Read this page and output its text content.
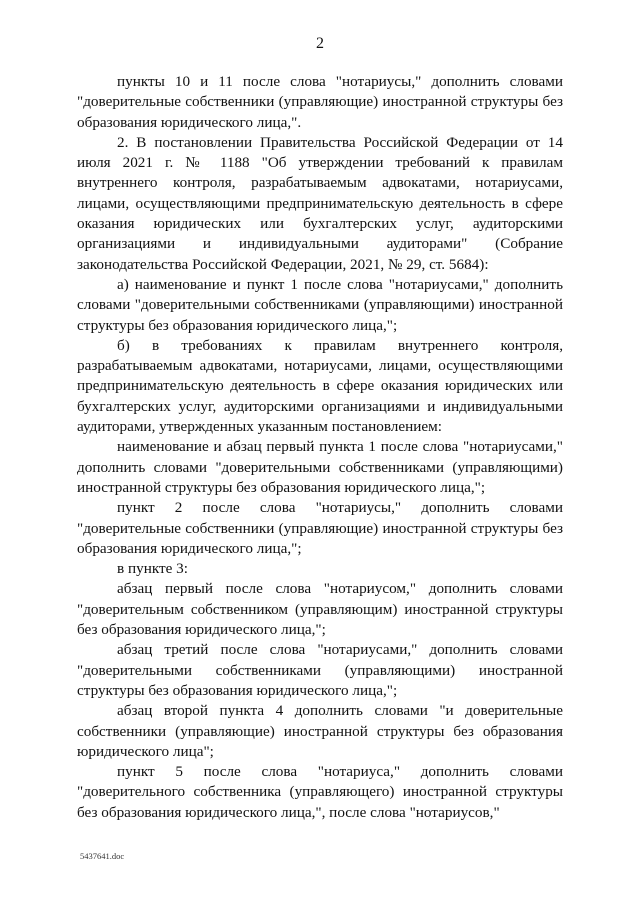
2

пункты 10 и 11 после слова "нотариусы," дополнить словами "доверительные собственники (управляющие) иностранной структуры без образования юридического лица,".

2. В постановлении Правительства Российской Федерации от 14 июля 2021 г. № 1188 "Об утверждении требований к правилам внутреннего контроля, разрабатываемым адвокатами, нотариусами, лицами, осуществляющими предпринимательскую деятельность в сфере оказания юридических или бухгалтерских услуг, аудиторскими организациями и индивидуальными аудиторами" (Собрание законодательства Российской Федерации, 2021, № 29, ст. 5684):

а) наименование и пункт 1 после слова "нотариусами," дополнить словами "доверительными собственниками (управляющими) иностранной структуры без образования юридического лица,";

б) в требованиях к правилам внутреннего контроля, разрабатываемым адвокатами, нотариусами, лицами, осуществляющими предпринимательскую деятельность в сфере оказания юридических или бухгалтерских услуг, аудиторскими организациями и индивидуальными аудиторами, утвержденных указанным постановлением:

наименование и абзац первый пункта 1 после слова "нотариусами," дополнить словами "доверительными собственниками (управляющими) иностранной структуры без образования юридического лица,";

пункт 2 после слова "нотариусы," дополнить словами "доверительные собственники (управляющие) иностранной структуры без образования юридического лица,";

в пункте 3:

абзац первый после слова "нотариусом," дополнить словами "доверительным собственником (управляющим) иностранной структуры без образования юридического лица,";

абзац третий после слова "нотариусами," дополнить словами "доверительными собственниками (управляющими) иностранной структуры без образования юридического лица,";

абзац второй пункта 4 дополнить словами "и доверительные собственники (управляющие) иностранной структуры без образования юридического лица";

пункт 5 после слова "нотариуса," дополнить словами "доверительного собственника (управляющего) иностранной структуры без образования юридического лица,", после слова "нотариусов,"

5437641.doc
